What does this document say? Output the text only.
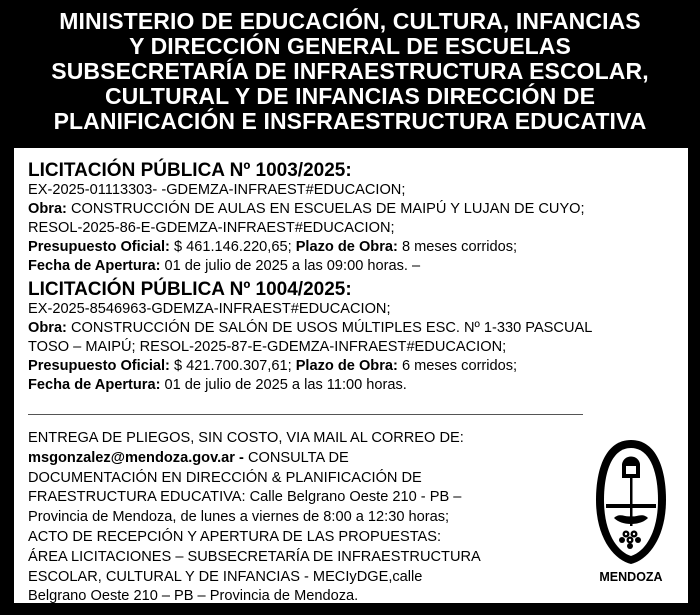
MINISTERIO DE EDUCACIÓN, CULTURA, INFANCIAS
Y DIRECCIÓN GENERAL DE ESCUELAS
SUBSECRETARÍA DE INFRAESTRUCTURA ESCOLAR,
CULTURAL Y DE INFANCIAS DIRECCIÓN DE
PLANIFICACIÓN E INSFRAESTRUCTURA EDUCATIVA
LICITACIÓN PÚBLICA Nº 1003/2025:
EX-2025-01113303- -GDEMZA-INFRAEST#EDUCACION;
Obra: CONSTRUCCIÓN DE AULAS EN ESCUELAS DE MAIPÚ Y LUJAN DE CUYO;
RESOL-2025-86-E-GDEMZA-INFRAEST#EDUCACION;
Presupuesto Oficial: $ 461.146.220,65; Plazo de Obra: 8 meses corridos;
Fecha de Apertura: 01 de julio de 2025 a las 09:00 horas. –
LICITACIÓN PÚBLICA Nº 1004/2025:
EX-2025-8546963-GDEMZA-INFRAEST#EDUCACION;
Obra: CONSTRUCCIÓN DE SALÓN DE USOS MÚLTIPLES ESC. Nº 1-330 PASCUAL
TOSO – MAIPÚ; RESOL-2025-87-E-GDEMZA-INFRAEST#EDUCACION;
Presupuesto Oficial: $ 421.700.307,61; Plazo de Obra: 6 meses corridos;
Fecha de Apertura: 01 de julio de 2025 a las 11:00 horas.
ENTREGA DE PLIEGOS, SIN COSTO, VIA MAIL AL CORREO DE:
msgonzalez@mendoza.gov.ar - CONSULTA DE
DOCUMENTACIÓN EN DIRECCIÓN & PLANIFICACIÓN DE
FRAESTRUCTURA EDUCATIVA: Calle Belgrano Oeste 210 - PB –
Provincia de Mendoza, de lunes a viernes de 8:00 a 12:30 horas;
ACTO DE RECEPCIÓN Y APERTURA DE LAS PROPUESTAS:
ÁREA LICITACIONES – SUBSECRETARÍA DE INFRAESTRUCTURA
ESCOLAR, CULTURAL Y DE INFANCIAS - MECIyDGE,calle
Belgrano Oeste 210 – PB – Provincia de Mendoza.
MENDOZA
